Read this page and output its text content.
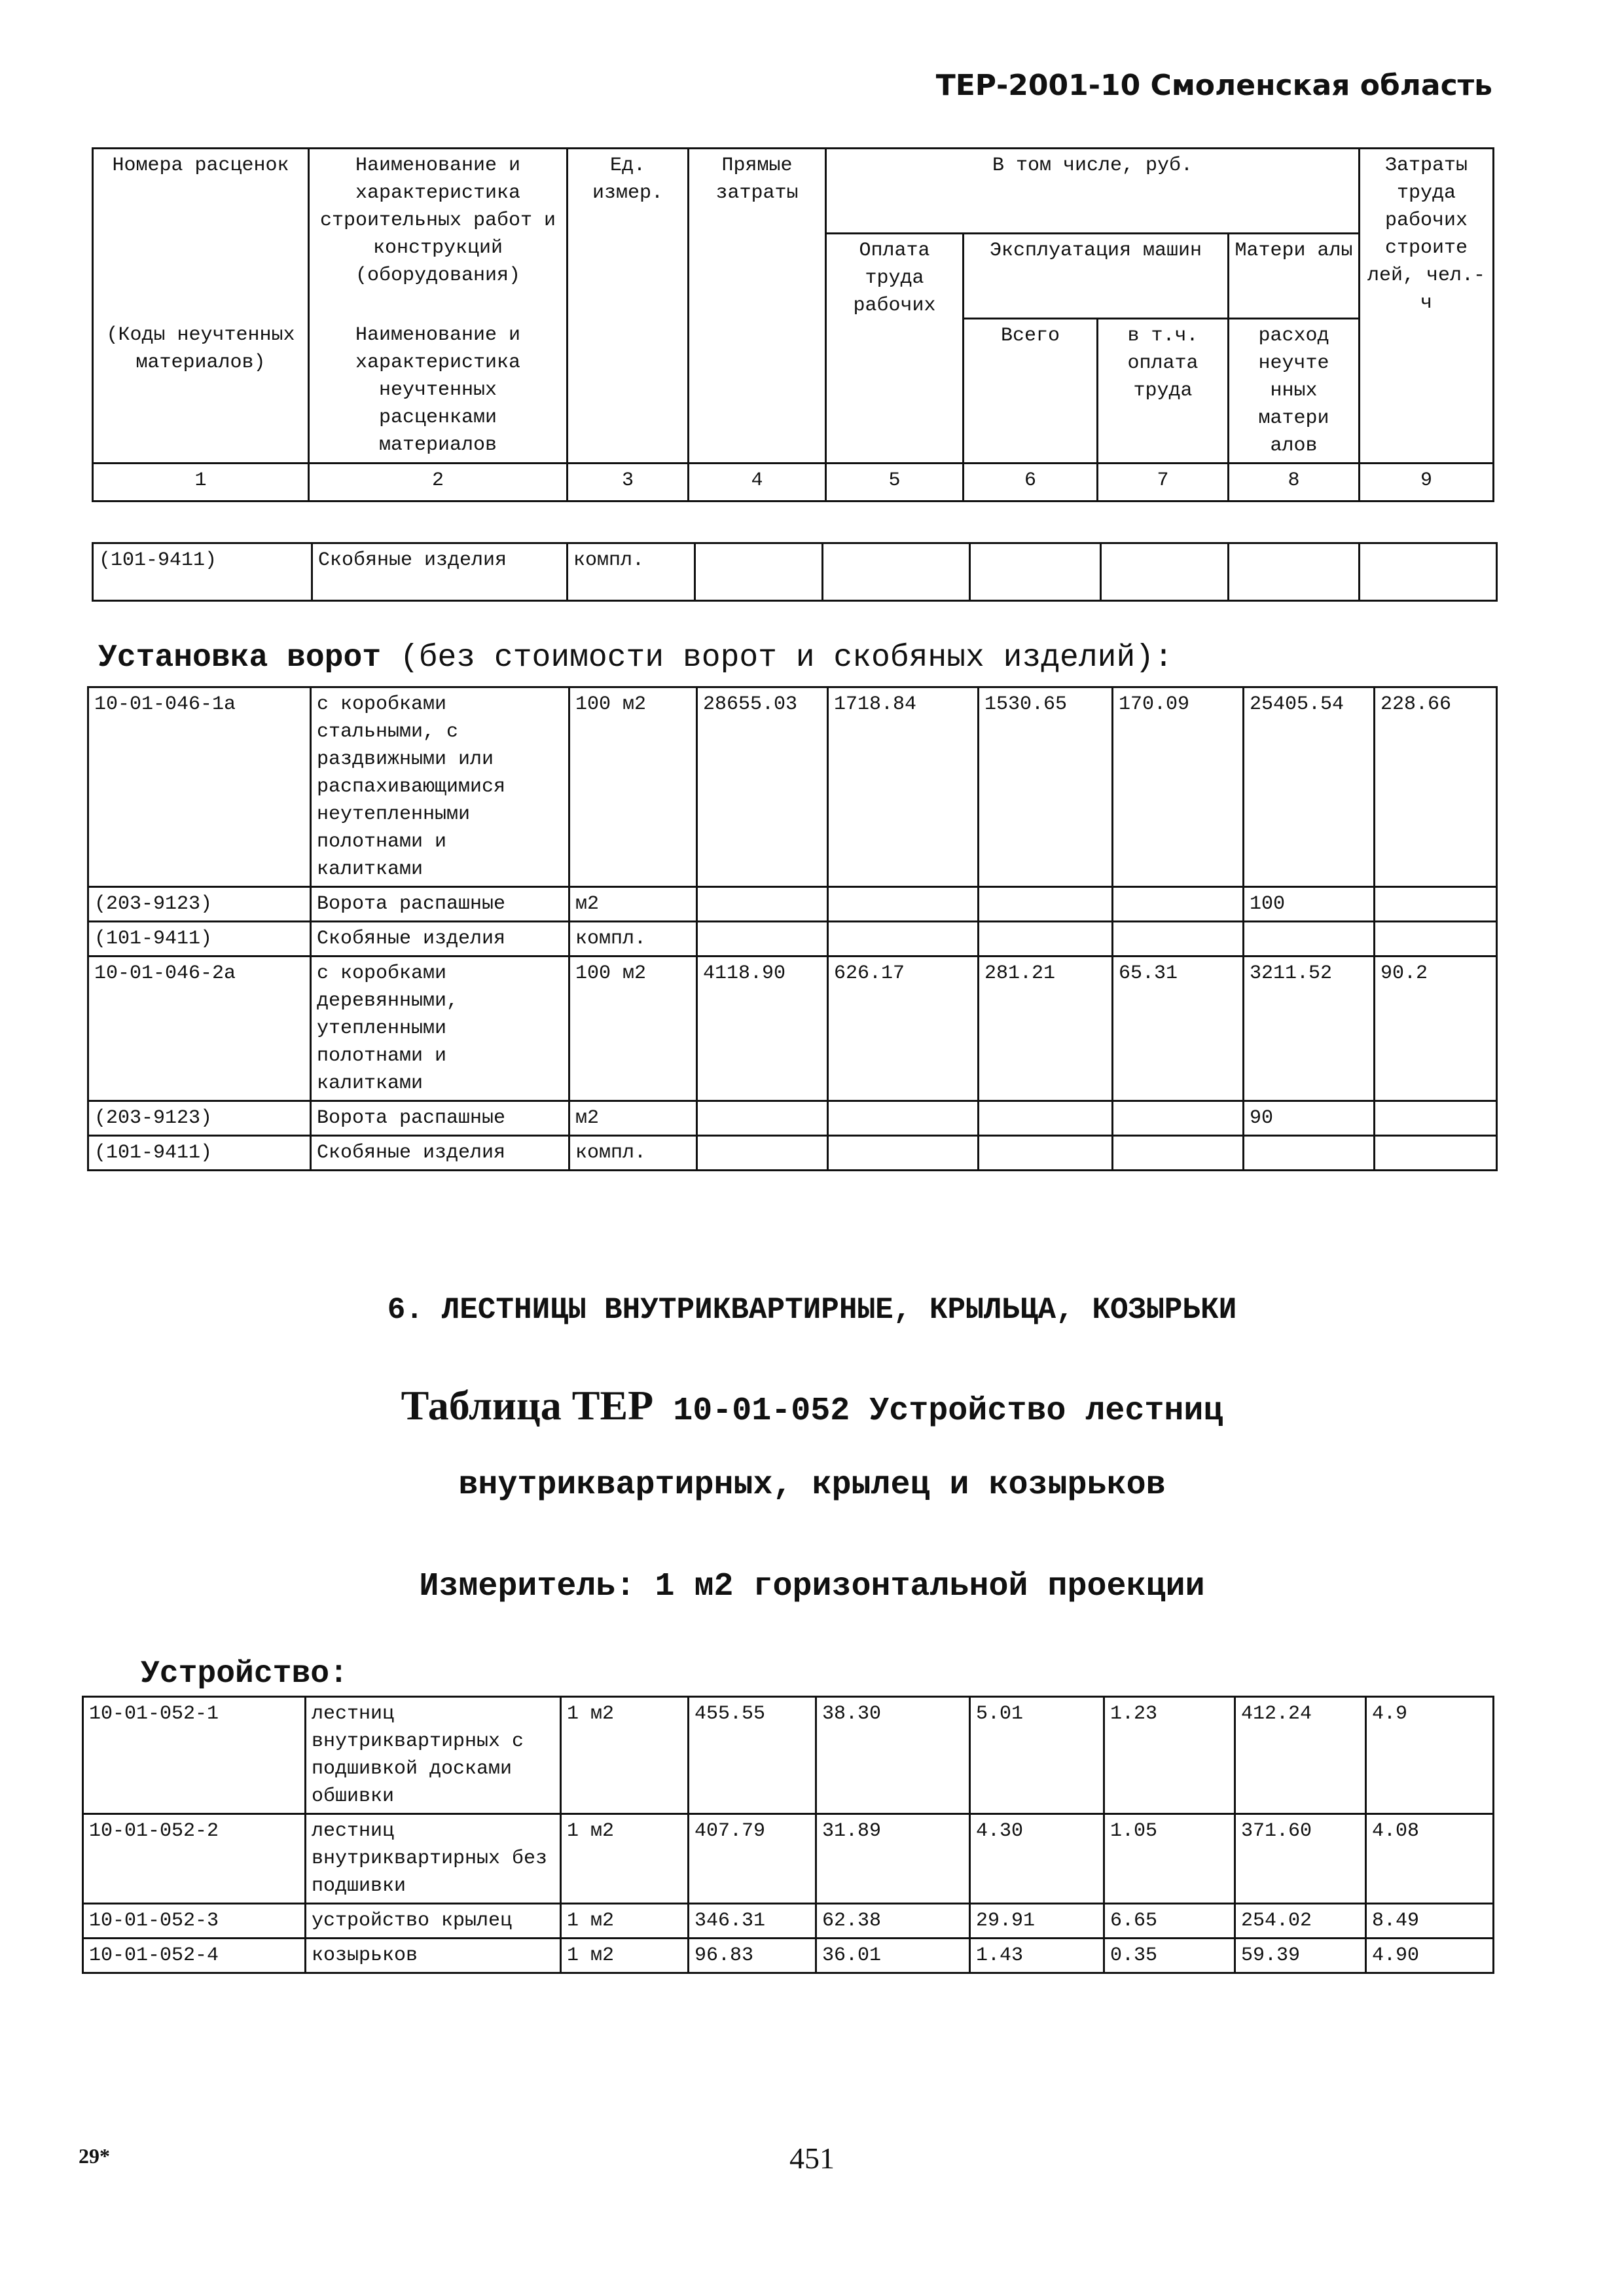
ТЕР-2001-10 Смоленская область
Номера расценок	Наименование и характеристика строительных работ и конструкций (оборудования)	Ед. измер.	Прямые затраты	В том числе, руб.				Затраты труда рабочих строите лей, чел.-ч
				Оплата труда рабочих	Эксплуатация машин		Матери алы	
(Коды неучтенных материалов)	Наименование и характеристика неучтенных расценками материалов				Всего	в т.ч. оплата труда	расход неучте нных матери алов	

1	2	3	4	5	6	7	8	9
(101-9411)	Скобяные изделия	компл.						
Установка ворот (без стоимости ворот и скобяных изделий):
10-01-046-1а	с коробками стальными, с раздвижными или распахивающимися неутепленными полотнами и калитками	100 м2	28655.03	1718.84	1530.65	170.09	25405.54	228.66
(203-9123)	Ворота распашные	м2					100	
(101-9411)	Скобяные изделия	компл.						
10-01-046-2а	с коробками деревянными, утепленными полотнами и калитками	100 м2	4118.90	626.17	281.21	65.31	3211.52	90.2
(203-9123)	Ворота распашные	м2					90	
(101-9411)	Скобяные изделия	компл.						
6. ЛЕСТНИЦЫ ВНУТРИКВАРТИРНЫЕ, КРЫЛЬЦА, КОЗЫРЬКИ
Таблица ТЕР 10-01-052 Устройство лестниц
внутриквартирных, крылец и козырьков
Измеритель: 1 м2 горизонтальной проекции
Устройство:
10-01-052-1	лестниц внутриквартирных с подшивкой досками обшивки	1 м2	455.55	38.30	5.01	1.23	412.24	4.9
10-01-052-2	лестниц внутриквартирных без подшивки	1 м2	407.79	31.89	4.30	1.05	371.60	4.08
10-01-052-3	устройство крылец	1 м2	346.31	62.38	29.91	6.65	254.02	8.49
10-01-052-4	козырьков	1 м2	96.83	36.01	1.43	0.35	59.39	4.90
29*	451
